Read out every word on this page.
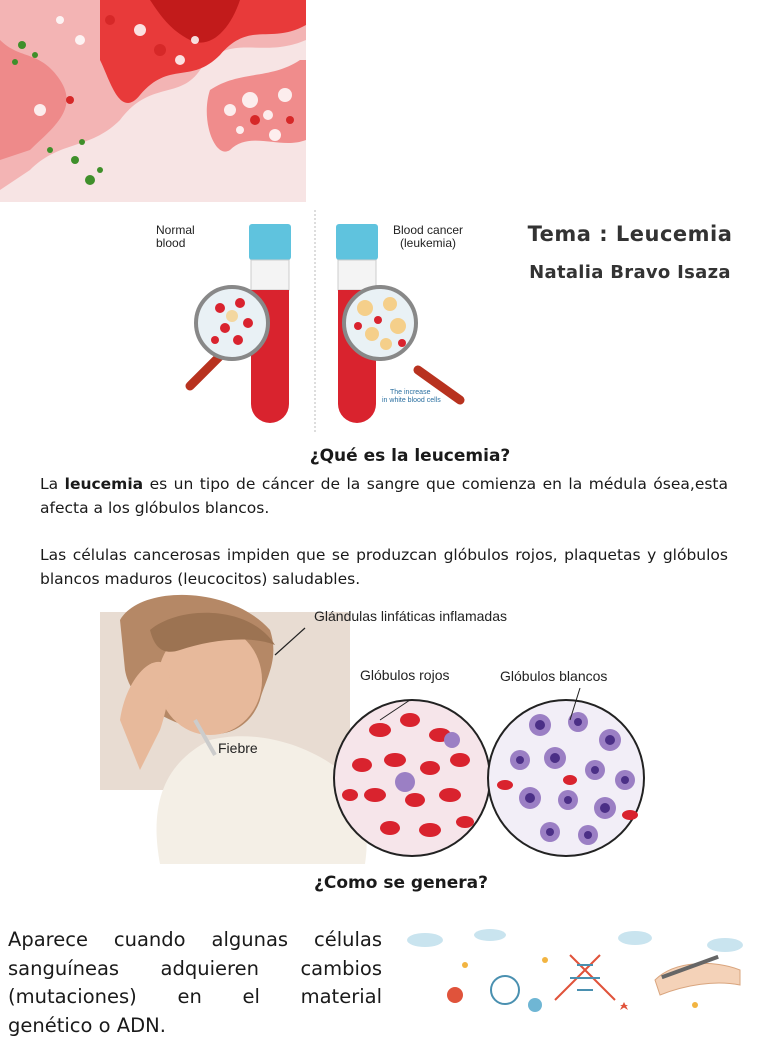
Normal
blood
Blood cancer
(leukemia)
The increase
in white blood cells
Tema : Leucemia
Natalia Bravo Isaza
¿Qué es la leucemia?
La leucemia es un tipo de cáncer de la sangre que comienza en la médula ósea,esta afecta a los glóbulos blancos.
Las células cancerosas impiden que se produzcan glóbulos rojos, plaquetas y glóbulos blancos maduros (leucocitos) saludables.
Glándulas linfáticas inflamadas
Fiebre
Glóbulos rojos	Glóbulos blancos
¿Como se genera?
Aparece cuando algunas células
sanguíneas adquieren cambios
(mutaciones) en el material
genético o ADN.
